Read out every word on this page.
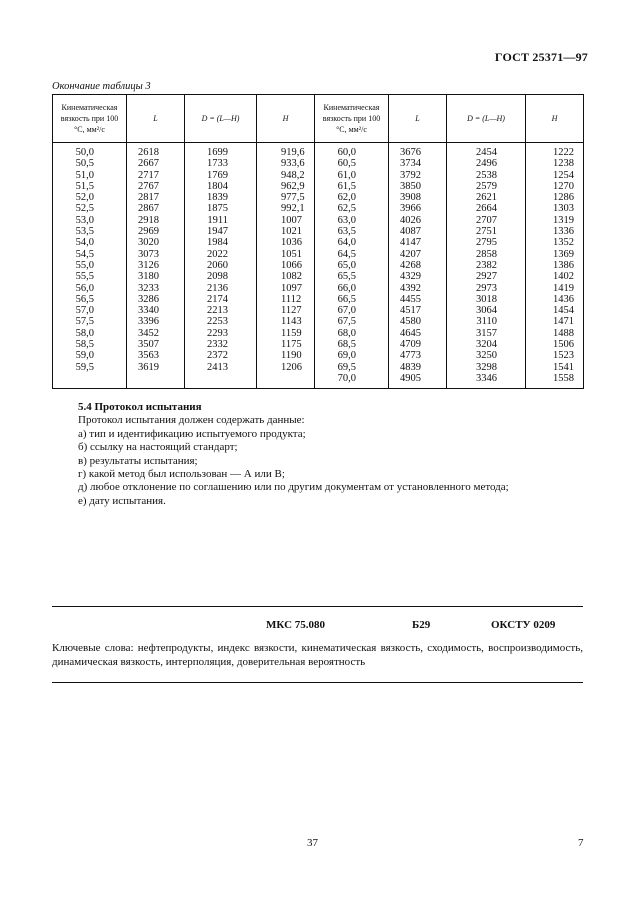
ГОСТ 25371—97
Окончание таблицы 3
Кинематическая вязкость при 100 °С, мм²/с	L	D = (L—H)	H	Кинематическая вязкость при 100 °С, мм²/с	L	D = (L—H)	H
50,0	2618	1699	919,6	60,0	3676	2454	1222
50,5	2667	1733	933,6	60,5	3734	2496	1238
51,0	2717	1769	948,2	61,0	3792	2538	1254
51,5	2767	1804	962,9	61,5	3850	2579	1270
52,0	2817	1839	977,5	62,0	3908	2621	1286
52,5	2867	1875	992,1	62,5	3966	2664	1303
53,0	2918	1911	1007	63,0	4026	2707	1319
53,5	2969	1947	1021	63,5	4087	2751	1336
54,0	3020	1984	1036	64,0	4147	2795	1352
54,5	3073	2022	1051	64,5	4207	2858	1369
55,0	3126	2060	1066	65,0	4268	2382	1386
55,5	3180	2098	1082	65,5	4329	2927	1402
56,0	3233	2136	1097	66,0	4392	2973	1419
56,5	3286	2174	1112	66,5	4455	3018	1436
57,0	3340	2213	1127	67,0	4517	3064	1454
57,5	3396	2253	1143	67,5	4580	3110	1471
58,0	3452	2293	1159	68,0	4645	3157	1488
58,5	3507	2332	1175	68,5	4709	3204	1506
59,0	3563	2372	1190	69,0	4773	3250	1523
59,5	3619	2413	1206	69,5	4839	3298	1541
				70,0	4905	3346	1558
5.4 Протокол испытания
Протокол испытания должен содержать данные:
а) тип и идентификацию испытуемого продукта;
б) ссылку на настоящий стандарт;
в) результаты испытания;
г) какой метод был использован — А или В;
д) любое отклонение по соглашению или по другим документам от установленного метода;
е) дату испытания.
МКС 75.080	Б29	ОКСТУ 0209
Ключевые слова: нефтепродукты, индекс вязкости, кинематическая вязкость, сходимость, воспроизводимость, динамическая вязкость, интерполяция, доверительная вероятность
37	7
